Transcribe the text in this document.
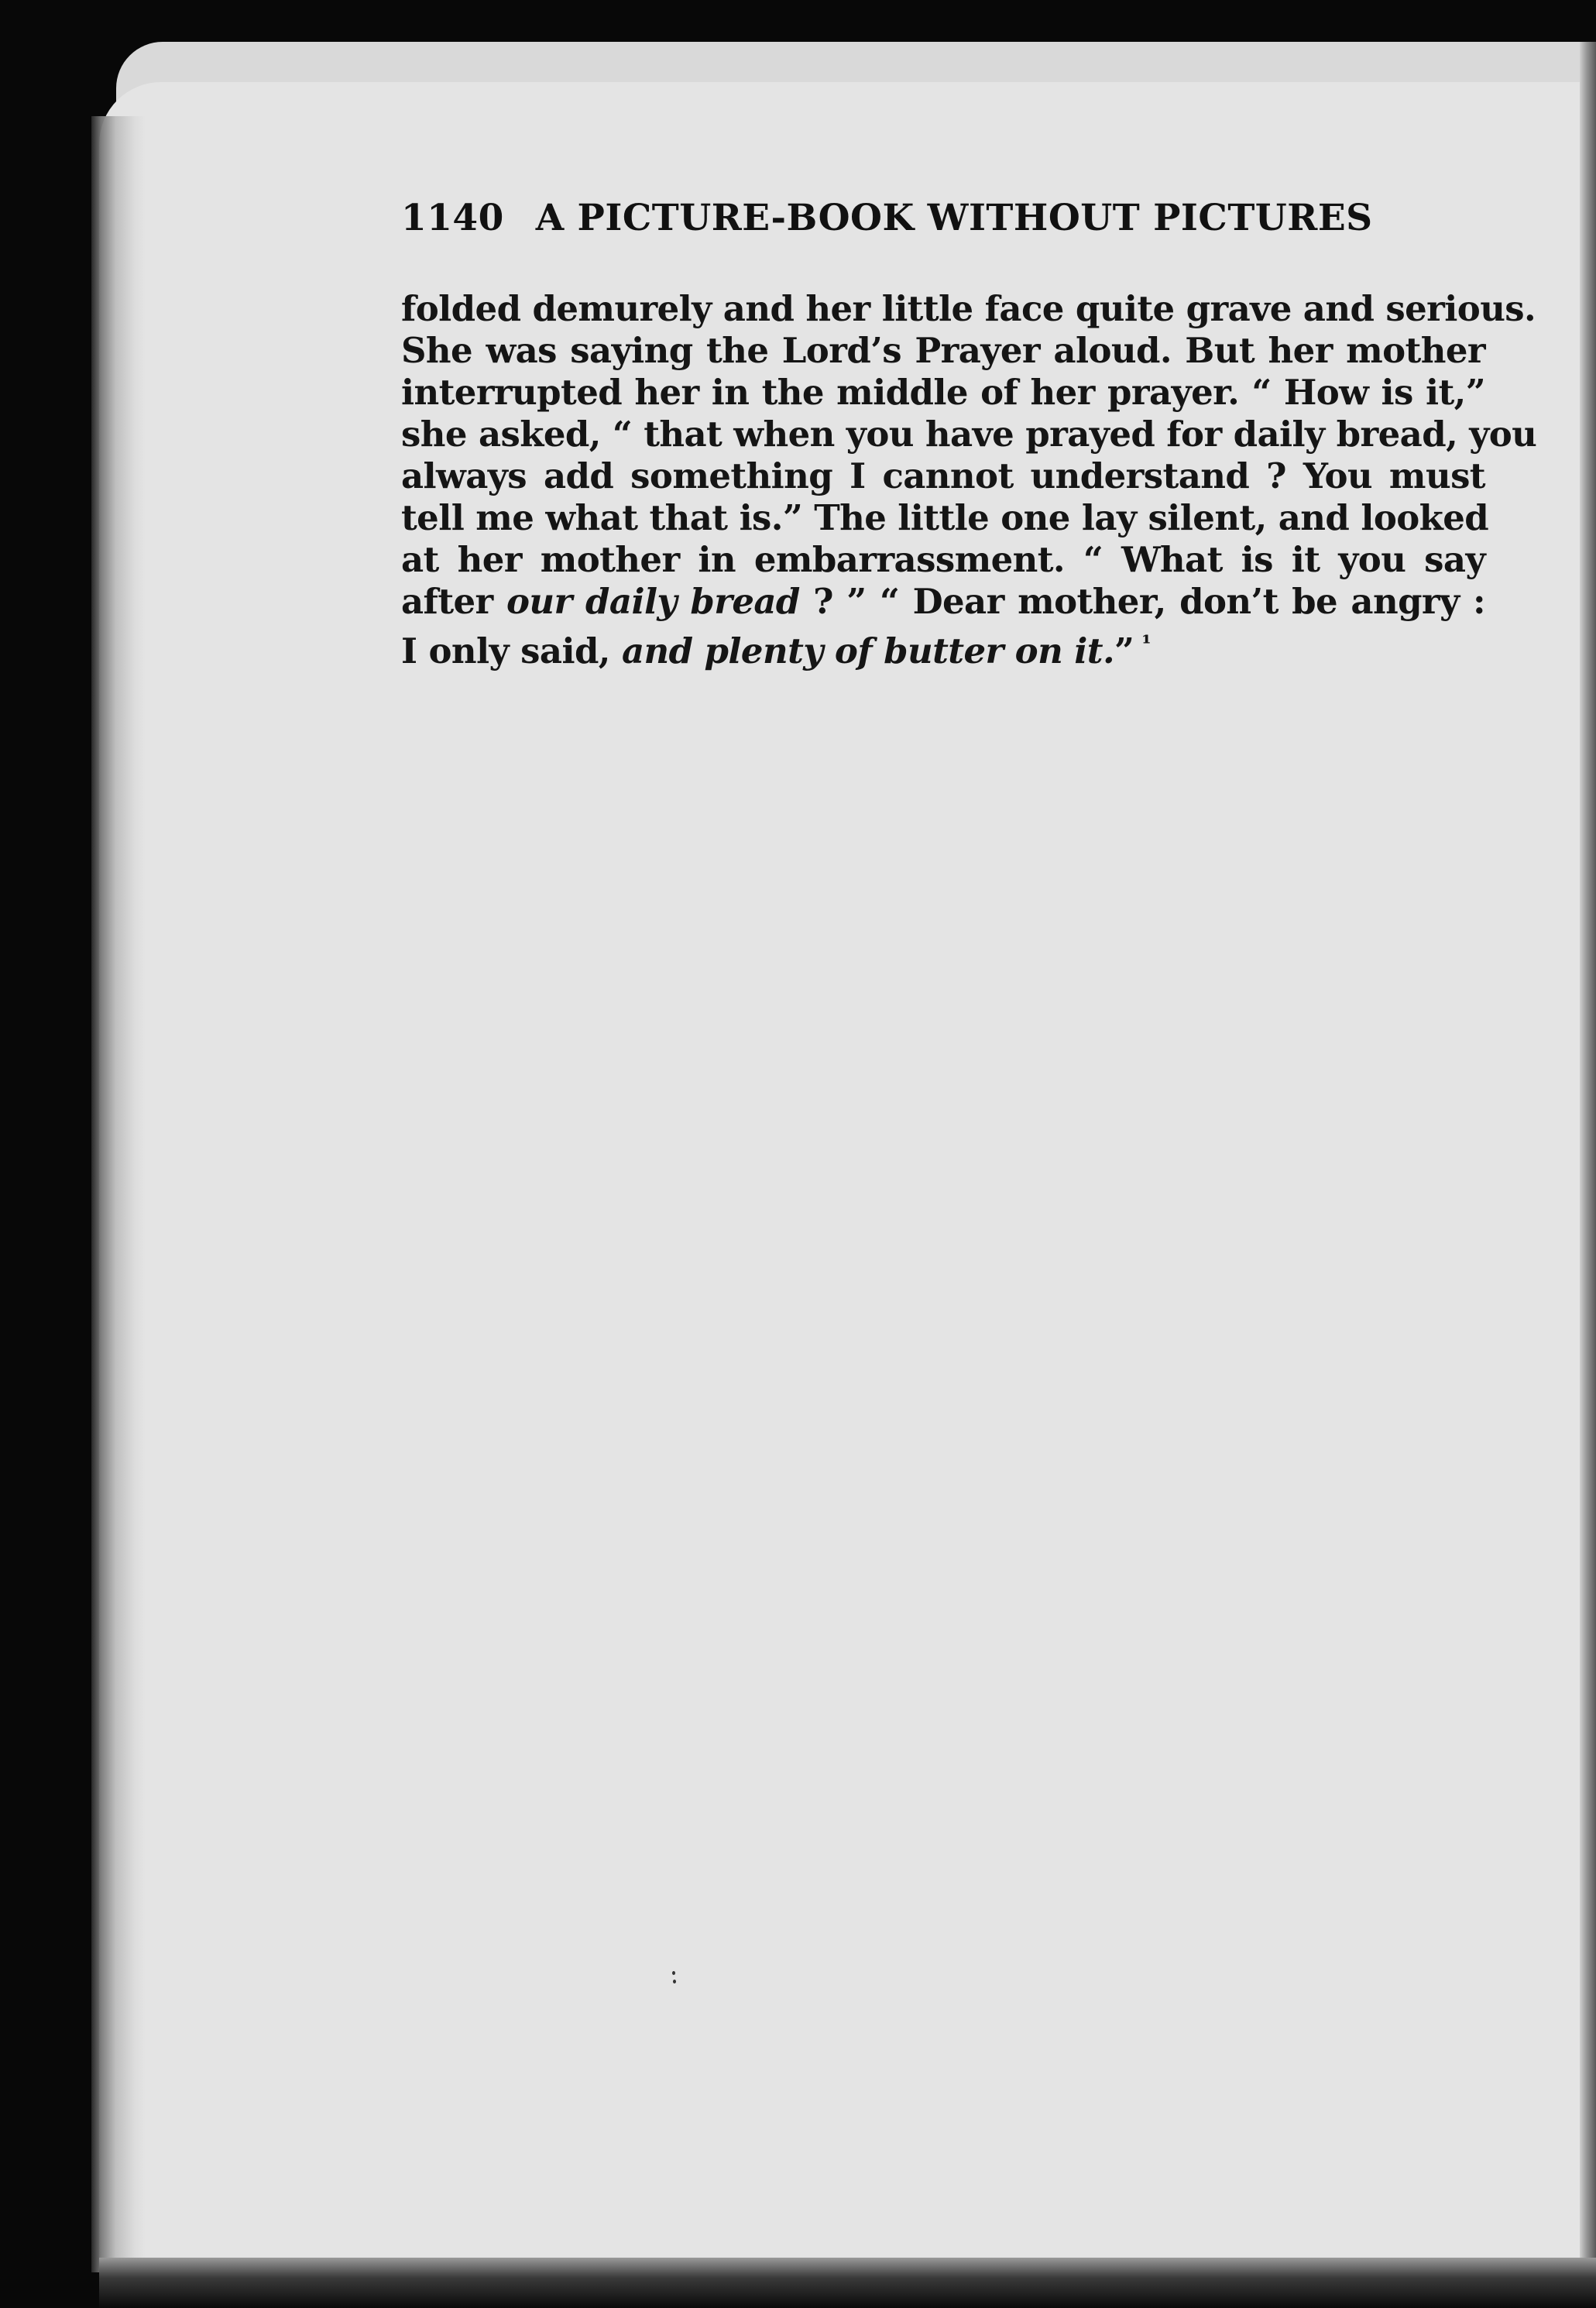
1140 A PICTURE-BOOK WITHOUT PICTURES
folded demurely and her little face quite grave and serious.
She was saying the Lord’s Prayer aloud. But her mother
interrupted her in the middle of her prayer. “ How is it,”
she asked, “ that when you have prayed for daily bread, you
always add something I cannot understand ? You must
tell me what that is.” The little one lay silent, and looked
at her mother in embarrassment. “ What is it you say
after our daily bread ? ” “ Dear mother, don’t be angry :
I only said, and plenty of butter on it.” $^{^1}$
